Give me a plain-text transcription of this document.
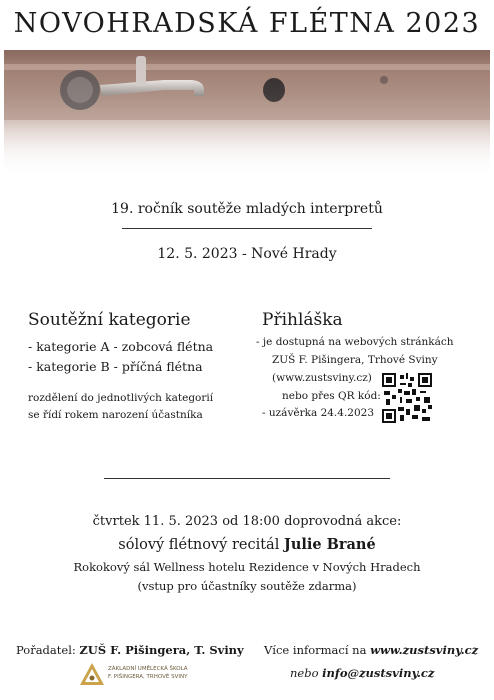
NOVOHRADSKÁ FLÉTNA 2023
19. ročník soutěže mladých interpretů
12. 5. 2023 - Nové Hrady
Soutěžní kategorie
- kategorie A - zobcová flétna
- kategorie B - příčná flétna
rozdělení do jednotlivých kategorií
se řídí rokem narození účastníka
Přihláška
- je dostupná na webových stránkách
ZUŠ F. Pišingera, Trhové Sviny
(www.zustsviny.cz)
nebo přes QR kód:
- uzávěrka 24.4.2023
čtvrtek 11. 5. 2023 od 18:00 doprovodná akce:
sólový flétnový recitál Julie Brané
Rokokový sál Wellness hotelu Rezidence v Nových Hradech
(vstup pro účastníky soutěže zdarma)
Pořadatel: ZUŠ F. Pišingera, T. Sviny Více informací na www.zustsviny.cz
nebo info@zustsviny.cz
ZÁKLADNÍ UMĚLECKÁ ŠKOLA
F. PIŠINGERA, TRHOVÉ SVINY
